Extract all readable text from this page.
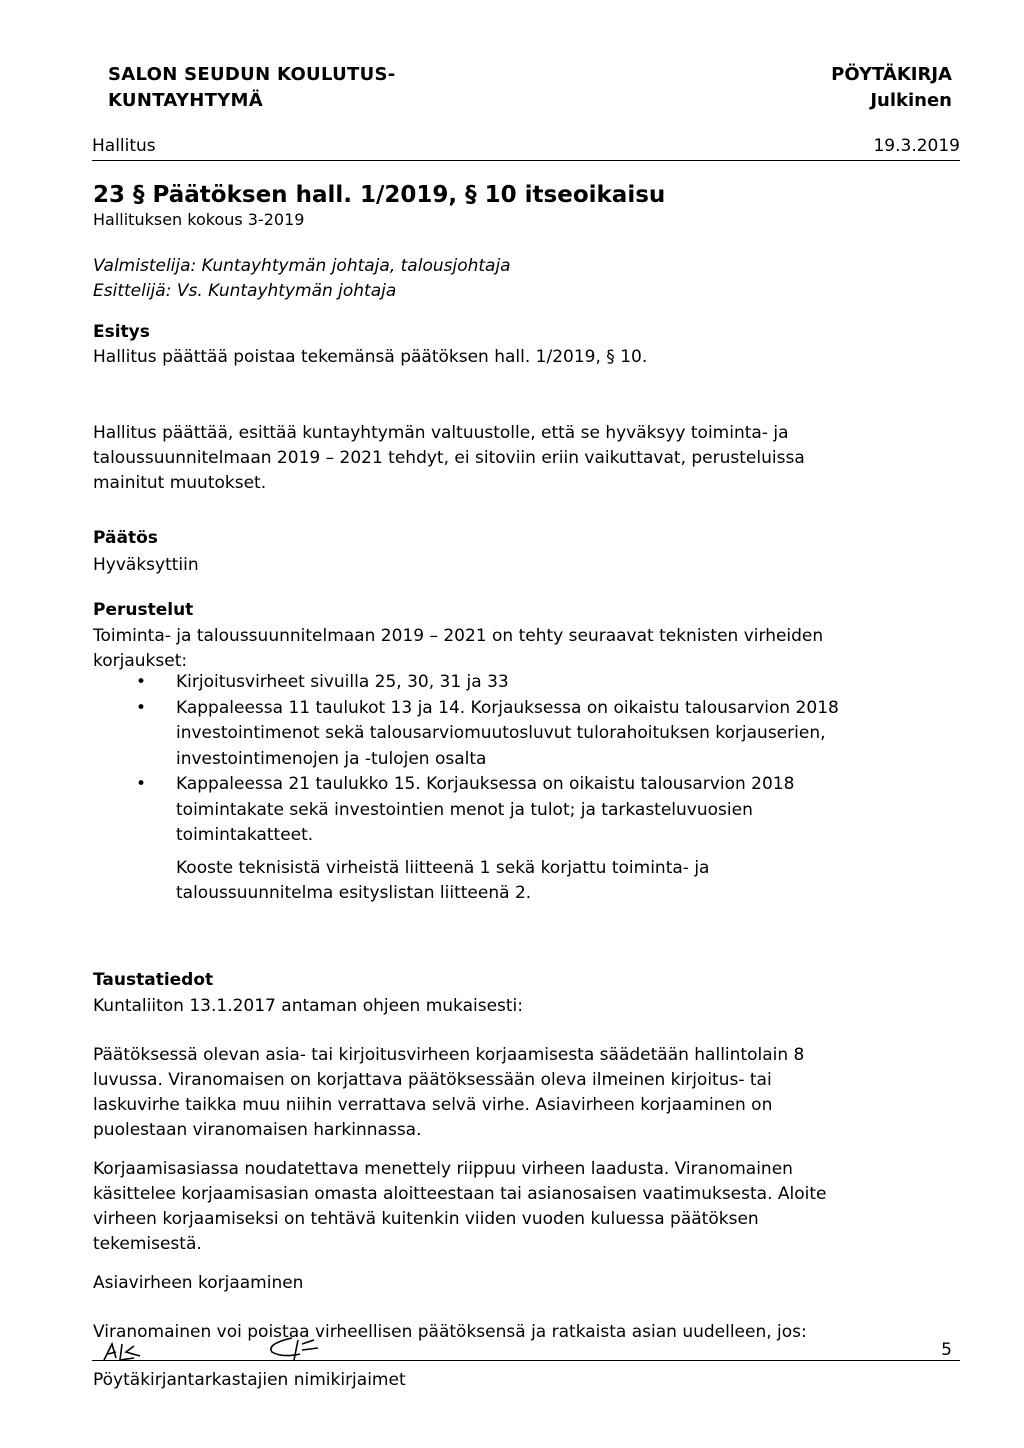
SALON SEUDUN KOULUTUS-
KUNTAYHTYMÄ
PÖYTÄKIRJA
Julkinen
Hallitus	19.3.2019
23 § Päätöksen hall. 1/2019, § 10 itseoikaisu
Hallituksen kokous 3-2019
Valmistelija: Kuntayhtymän johtaja, talousjohtaja
Esittelijä: Vs. Kuntayhtymän johtaja
Esitys
Hallitus päättää poistaa tekemänsä päätöksen hall. 1/2019, § 10.
Hallitus päättää, esittää kuntayhtymän valtuustolle, että se hyväksyy toiminta- ja
taloussuunnitelmaan 2019 – 2021 tehdyt, ei sitoviin eriin vaikuttavat, perusteluissa
mainitut muutokset.
Päätös
Hyväksyttiin
Perustelut
Toiminta- ja taloussuunnitelmaan 2019 – 2021 on tehty seuraavat teknisten virheiden
korjaukset:
• Kirjoitusvirheet sivuilla 25, 30, 31 ja 33
• Kappaleessa 11 taulukot 13 ja 14. Korjauksessa on oikaistu talousarvion 2018
investointimenot sekä talousarviomuutosluvut tulorahoituksen korjauserien,
investointimenojen ja -tulojen osalta
• Kappaleessa 21 taulukko 15. Korjauksessa on oikaistu talousarvion 2018
toimintakate sekä investointien menot ja tulot; ja tarkasteluvuosien
toimintakatteet.
Kooste teknisistä virheistä liitteenä 1 sekä korjattu toiminta- ja
taloussuunnitelma esityslistan liitteenä 2.
Taustatiedot
Kuntaliiton 13.1.2017 antaman ohjeen mukaisesti:
Päätöksessä olevan asia- tai kirjoitusvirheen korjaamisesta säädetään hallintolain 8
luvussa. Viranomaisen on korjattava päätöksessään oleva ilmeinen kirjoitus- tai
laskuvirhe taikka muu niihin verrattava selvä virhe. Asiavirheen korjaaminen on
puolestaan viranomaisen harkinnassa.
Korjaamisasiassa noudatettava menettely riippuu virheen laadusta. Viranomainen
käsittelee korjaamisasian omasta aloitteestaan tai asianosaisen vaatimuksesta. Aloite
virheen korjaamiseksi on tehtävä kuitenkin viiden vuoden kuluessa päätöksen
tekemisestä.
Asiavirheen korjaaminen
Viranomainen voi poistaa virheellisen päätöksensä ja ratkaista asian uudelleen, jos:
5
Pöytäkirjantarkastajien nimikirjaimet
